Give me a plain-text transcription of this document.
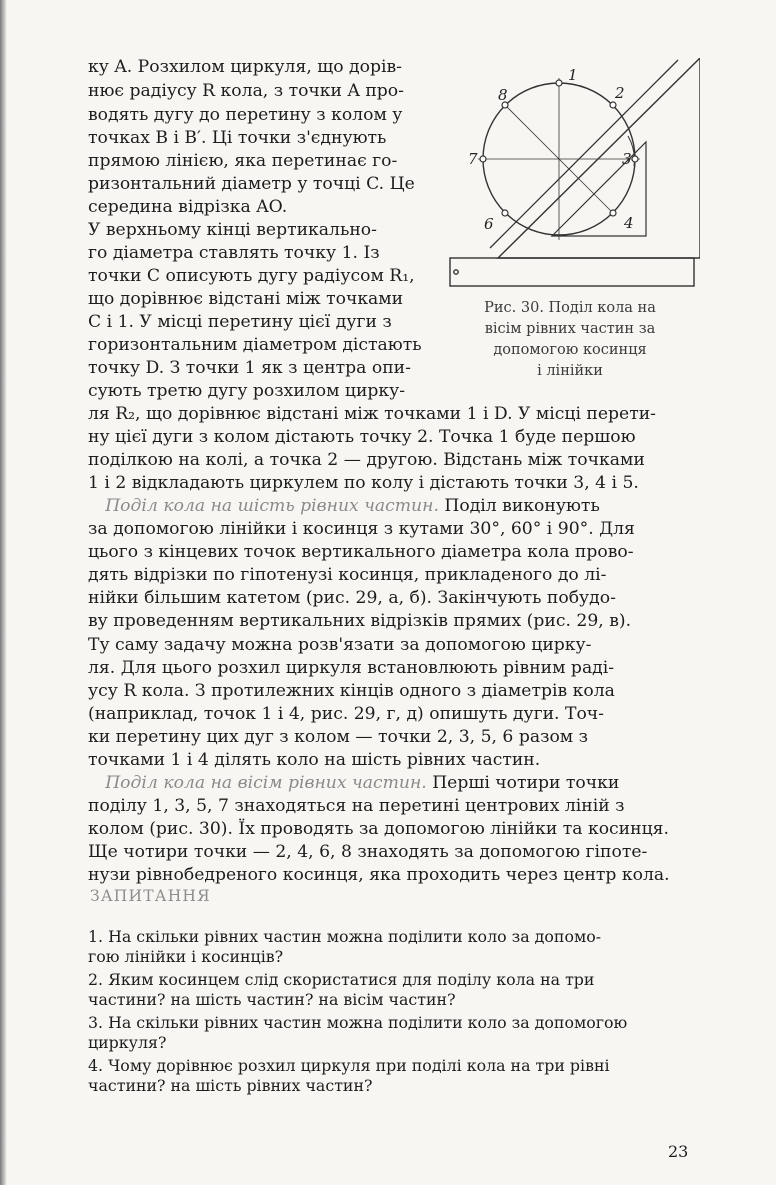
ку A. Розхилом циркуля, що дорів-
нює радіусу R кола, з точки A про-
водять дугу до перетину з колом у
точках B і B′. Ці точки з'єднують
прямою лінією, яка перетинає го-
ризонтальний діаметр у точці C. Це
середина відрізка AO.
У верхньому кінці вертикально-
го діаметра ставлять точку 1. Із
точки C описують дугу радіусом R₁,
що дорівнює відстані між точками
C і 1. У місці перетину цієї дуги з
горизонтальним діаметром дістають
точку D. З точки 1 як з центра опи-
сують третю дугу розхилом цирку-
1
2
3
4
6
7
8
Рис. 30. Поділ кола на
вісім рівних частин за
допомогою косинця
і лінійки
ля R₂, що дорівнює відстані між точками 1 і D. У місці перети-
ну цієї дуги з колом дістають точку 2. Точка 1 буде першою
поділкою на колі, а точка 2 — другою. Відстань між точками
1 і 2 відкладають циркулем по колу і дістають точки 3, 4 і 5.
 Поділ кола на шість рівних частин. Поділ виконують
за допомогою лінійки і косинця з кутами 30°, 60° і 90°. Для
цього з кінцевих точок вертикального діаметра кола прово-
дять відрізки по гіпотенузі косинця, прикладеного до лі-
нійки більшим катетом (рис. 29, a, б). Закінчують побудо-
ву проведенням вертикальних відрізків прямих (рис. 29, в).
Ту саму задачу можна розв'язати за допомогою цирку-
ля. Для цього розхил циркуля встановлюють рівним раді-
усу R кола. З протилежних кінців одного з діаметрів кола
(наприклад, точок 1 і 4, рис. 29, г, д) опишуть дуги. Точ-
ки перетину цих дуг з колом — точки 2, 3, 5, 6 разом з
точками 1 і 4 ділять коло на шість рівних частин.
 Поділ кола на вісім рівних частин. Перші чотири точки
поділу 1, 3, 5, 7 знаходяться на перетині центрових ліній з
колом (рис. 30). Їх проводять за допомогою лінійки та косинця.
Ще чотири точки — 2, 4, 6, 8 знаходять за допомогою гіпоте-
нузи рівнобедреного косинця, яка проходить через центр кола.
ЗАПИТАННЯ
1. На скільки рівних частин можна поділити коло за допомо-
гою лінійки і косинців?
2. Яким косинцем слід скористатися для поділу кола на три
частини? на шість частин? на вісім частин?
3. На скільки рівних частин можна поділити коло за допомогою
циркуля?
4. Чому дорівнює розхил циркуля при поділі кола на три рівні
частини? на шість рівних частин?
23
